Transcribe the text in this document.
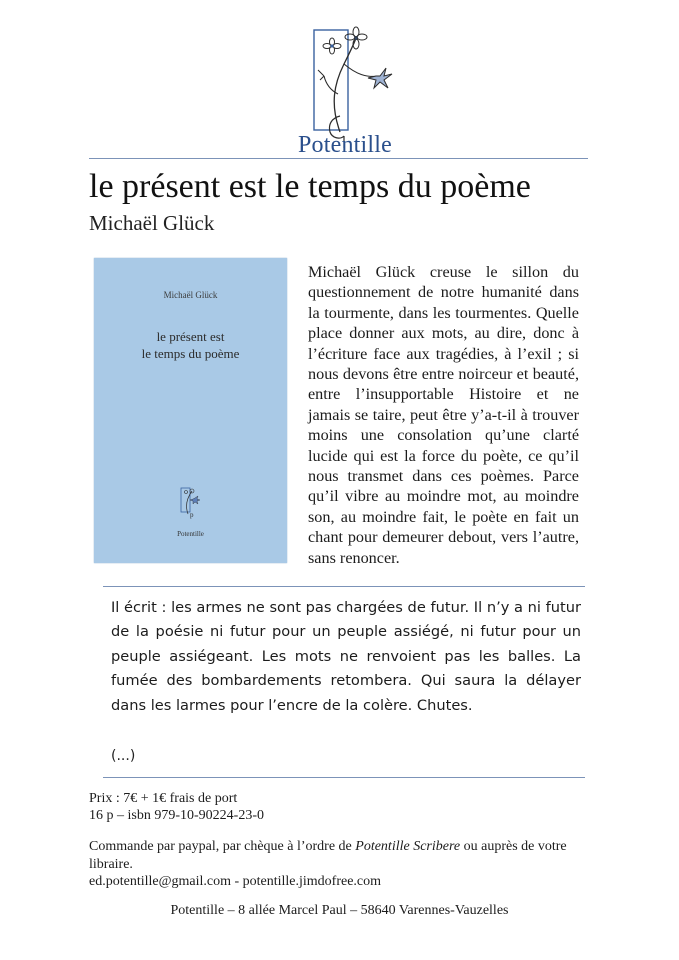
Potentille
le présent est le temps du poème
Michaël Glück
Michaël Glück
le présent est
le temps du poème
p
Potentille
Michaël Glück creuse le sillon du questionnement de notre humanité dans la tourmente, dans les tourmentes. Quelle place donner aux mots, au dire, donc à l’écriture face aux tragédies, à l’exil ; si nous devons être entre noirceur et beauté, entre l’insupportable Histoire et ne jamais se taire, peut être y’a-t-il à trouver moins une consolation qu’une clarté lucide qui est la force du poète, ce qu’il nous transmet dans ces poèmes. Parce qu’il vibre au moindre mot, au moindre son, au moindre fait, le poète en fait un chant pour demeurer debout, vers l’autre, sans renoncer.
Il écrit : les armes ne sont pas chargées de futur. Il n’y a ni futur de la poésie ni futur pour un peuple assiégé, ni futur pour un peuple assiégeant. Les mots ne renvoient pas les balles. La fumée des bombardements retombera. Qui saura la délayer dans les larmes pour l’encre de la colère. Chutes.
(...)
Prix : 7€ + 1€ frais de port
16 p – isbn 979-10-90224-23-0
Commande par paypal, par chèque à l’ordre de Potentille Scribere ou auprès de votre libraire.
ed.potentille@gmail.com - potentille.jimdofree.com
Potentille – 8 allée Marcel Paul – 58640 Varennes-Vauzelles
